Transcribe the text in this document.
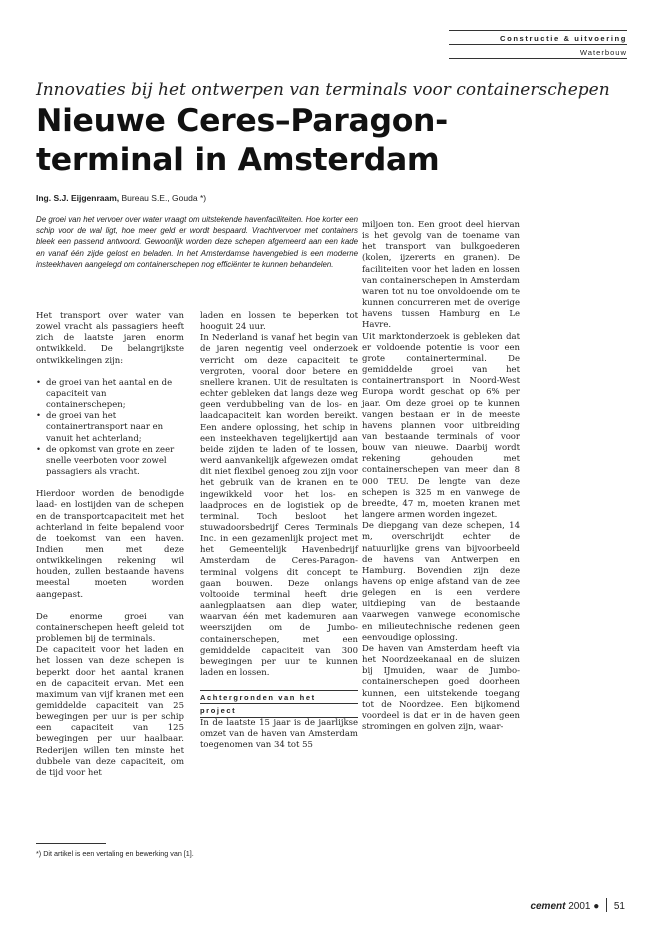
Constructie & uitvoering
Waterbouw
Innovaties bij het ontwerpen van terminals voor containerschepen
Nieuwe Ceres–Paragon-
terminal in Amsterdam
Ing. S.J. Eijgenraam, Bureau S.E., Gouda *)
De groei van het vervoer over water vraagt om uitstekende havenfaciliteiten. Hoe korter een schip voor de wal ligt, hoe meer geld er wordt bespaard. Vrachtvervoer met containers bleek een passend antwoord. Gewoonlijk worden deze schepen afgemeerd aan een kade en vanaf één zijde gelost en beladen. In het Amsterdamse havengebied is een moderne insteekhaven aangelegd om containerschepen nog efficiënter te kunnen behandelen.

Het transport over water van zowel vracht als passagiers heeft zich de laatste jaren enorm ontwikkeld. De belangrijkste ontwikkelingen zijn:

• de groei van het aantal en de capaciteit van containerschepen;
• de groei van het containertransport naar en vanuit het achterland;
• de opkomst van grote en zeer snelle veerboten voor zowel passagiers als vracht.

Hierdoor worden de benodigde laad- en lostijden van de schepen en de transportcapaciteit met het achterland in feite bepalend voor de toekomst van een haven. Indien men met deze ontwikkelingen rekening wil houden, zullen bestaande havens meestal moeten worden aangepast.

De enorme groei van containerschepen heeft geleid tot problemen bij de terminals.

De capaciteit voor het laden en het lossen van deze schepen is beperkt door het aantal kranen en de capaciteit ervan. Met een maximum van vijf kranen met een gemiddelde capaciteit van 25 bewegingen per uur is per schip een capaciteit van 125 bewegingen per uur haalbaar. Rederijen willen ten minste het dubbele van deze capaciteit, om de tijd voor het

laden en lossen te beperken tot hooguit 24 uur.

In Nederland is vanaf het begin van de jaren negentig veel onderzoek verricht om deze capaciteit te vergroten, vooral door betere en snellere kranen. Uit de resultaten is echter gebleken dat langs deze weg geen verdubbeling van de los- en laadcapaciteit kan worden bereikt. Een andere oplossing, het schip in een insteekhaven tegelijkertijd aan beide zijden te laden of te lossen, werd aanvankelijk afgewezen omdat dit niet flexibel genoeg zou zijn voor het gebruik van de kranen en te ingewikkeld voor het los- en laadproces en de logistiek op de terminal. Toch besloot het stuwadoorsbedrijf Ceres Terminals Inc. in een gezamenlijk project met het Gemeentelijk Havenbedrijf Amsterdam de Ceres-Paragon-terminal volgens dit concept te gaan bouwen. Deze onlangs voltooide terminal heeft drie aanlegplaatsen aan diep water, waarvan één met kademuren aan weerszijden om de Jumbo-containerschepen, met een gemiddelde capaciteit van 300 bewegingen per uur te kunnen laden en lossen.

Achtergronden van het
project

In de laatste 15 jaar is de jaarlijkse omzet van de haven van Amsterdam toegenomen van 34 tot 55

miljoen ton. Een groot deel hiervan is het gevolg van de toename van het transport van bulkgoederen (kolen, ijzererts en granen). De faciliteiten voor het laden en lossen van containerschepen in Amsterdam waren tot nu toe onvoldoende om te kunnen concurreren met de overige havens tussen Hamburg en Le Havre.

Uit marktonderzoek is gebleken dat er voldoende potentie is voor een grote containerterminal. De gemiddelde groei van het containertransport in Noord-West Europa wordt geschat op 6% per jaar. Om deze groei op te kunnen vangen bestaan er in de meeste havens plannen voor uitbreiding van bestaande terminals of voor bouw van nieuwe. Daarbij wordt rekening gehouden met containerschepen van meer dan 8 000 TEU. De lengte van deze schepen is 325 m en vanwege de breedte, 47 m, moeten kranen met langere armen worden ingezet.

De diepgang van deze schepen, 14 m, overschrijdt echter de natuurlijke grens van bijvoorbeeld de havens van Antwerpen en Hamburg. Bovendien zijn deze havens op enige afstand van de zee gelegen en is een verdere uitdieping van de bestaande vaarwegen vanwege economische en milieutechnische redenen geen eenvoudige oplossing.

De haven van Amsterdam heeft via het Noordzeekanaal en de sluizen bij IJmuiden, waar de Jumbo-containerschepen goed doorheen kunnen, een uitstekende toegang tot de Noordzee. Een bijkomend voordeel is dat er in de haven geen stromingen en golven zijn, waar-

*) Dit artikel is een vertaling en bewerking van [1].
cement 2001 ● 51
